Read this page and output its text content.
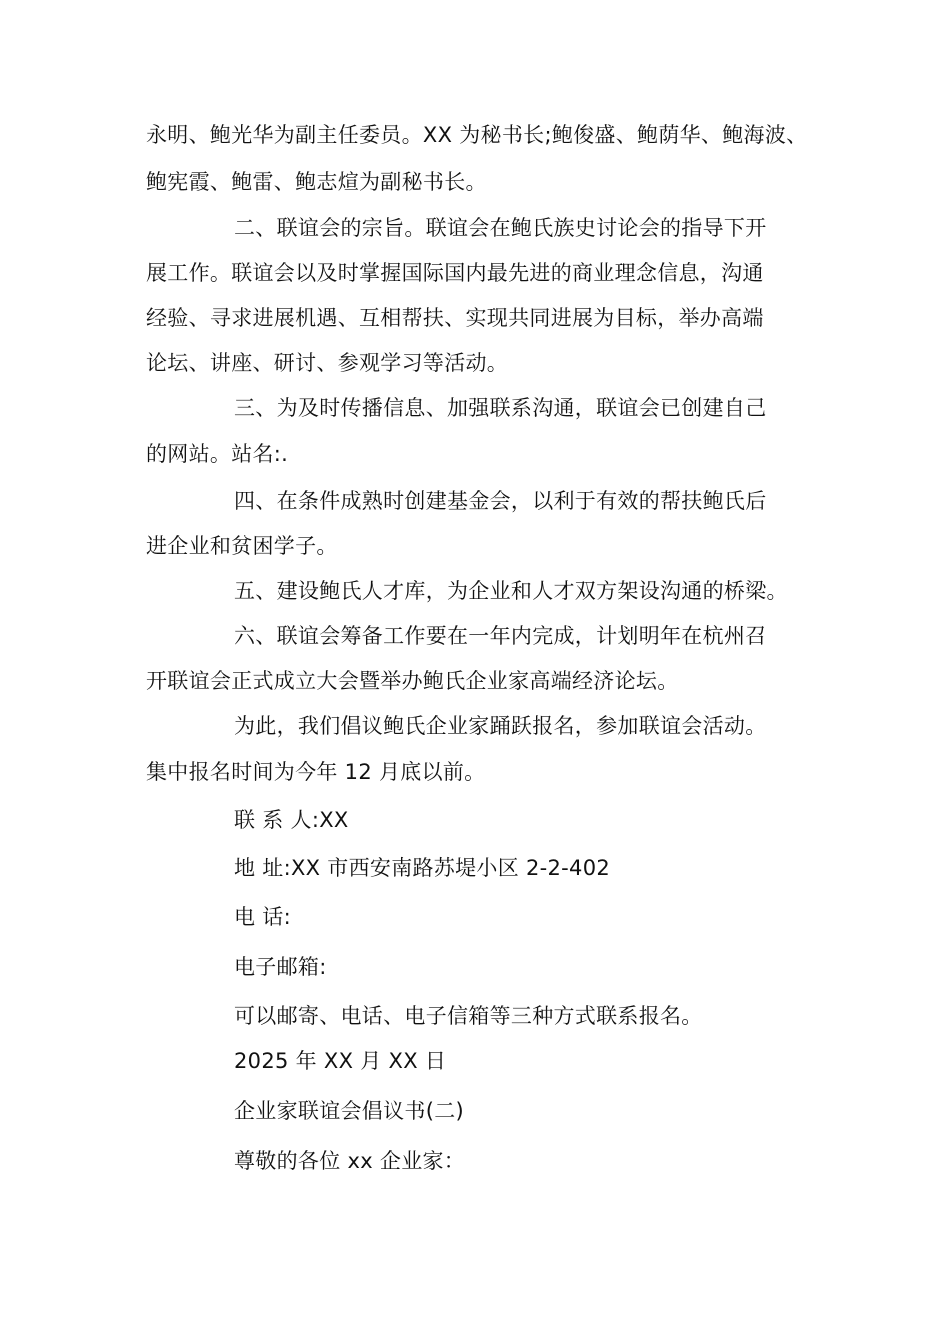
永明、鲍光华为副主任委员。XX 为秘书长;鲍俊盛、鲍荫华、鲍海波、
鲍宪霞、鲍雷、鲍志煊为副秘书长。
二、联谊会的宗旨。联谊会在鲍氏族史讨论会的指导下开
展工作。联谊会以及时掌握国际国内最先进的商业理念信息，沟通
经验、寻求进展机遇、互相帮扶、实现共同进展为目标，举办高端
论坛、讲座、研讨、参观学习等活动。
三、为及时传播信息、加强联系沟通，联谊会已创建自己
的网站。站名:.
四、在条件成熟时创建基金会，以利于有效的帮扶鲍氏后
进企业和贫困学子。
五、建设鲍氏人才库，为企业和人才双方架设沟通的桥梁。
六、联谊会筹备工作要在一年内完成，计划明年在杭州召
开联谊会正式成立大会暨举办鲍氏企业家高端经济论坛。
为此，我们倡议鲍氏企业家踊跃报名，参加联谊会活动。
集中报名时间为今年 12 月底以前。
联 系 人:XX
地 址:XX 市西安南路苏堤小区 2-2-402
电 话:
电子邮箱:
可以邮寄、电话、电子信箱等三种方式联系报名。
2025 年 XX 月 XX 日
企业家联谊会倡议书(二)
尊敬的各位 xx 企业家：
